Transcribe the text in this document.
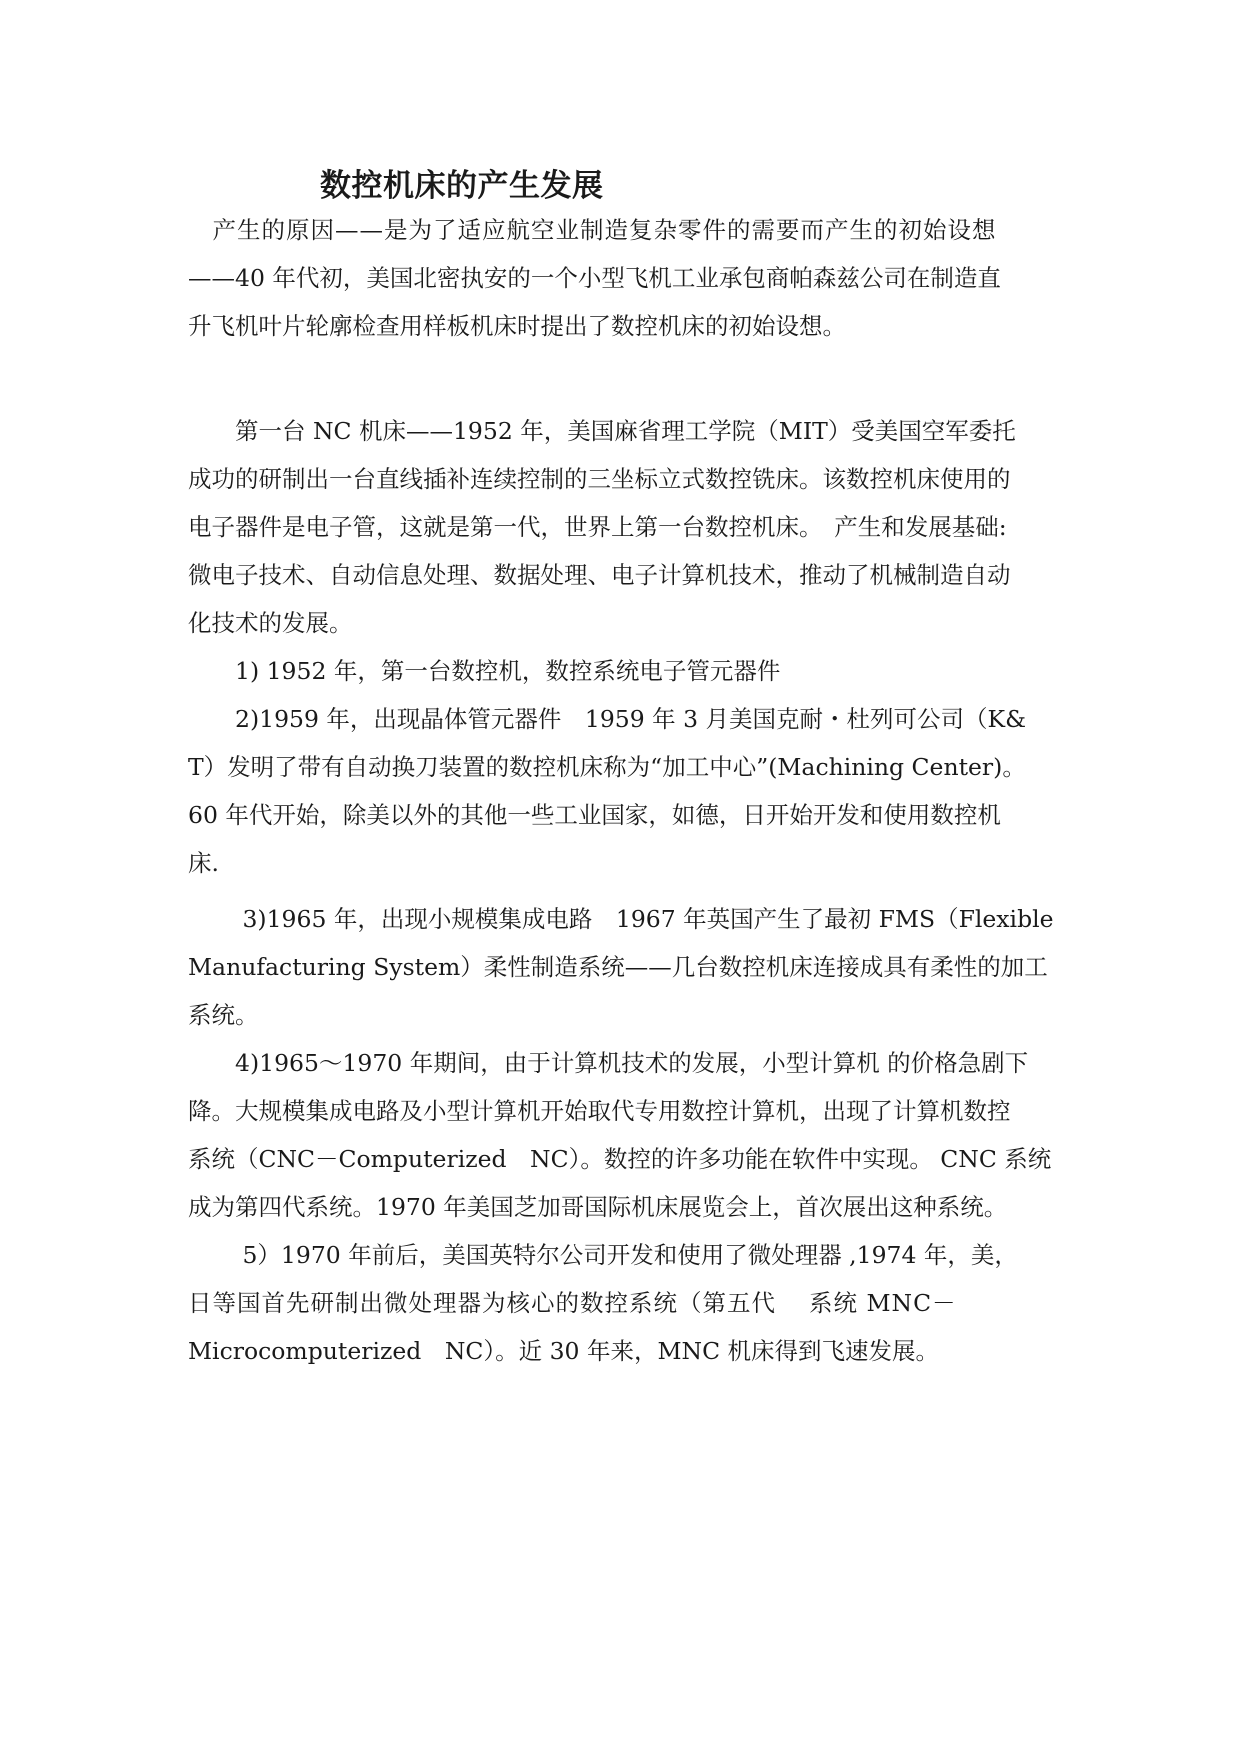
数控机床的产生发展
　产生的原因——是为了适应航空业制造复杂零件的需要而产生的初始设想
——40 年代初，美国北密执安的一个小型飞机工业承包商帕森兹公司在制造直
升飞机叶片轮廓检查用样板机床时提出了数控机床的初始设想。
　　第一台 NC 机床——1952 年，美国麻省理工学院（MIT）受美国空军委托
成功的研制出一台直线插补连续控制的三坐标立式数控铣床。该数控机床使用的
电子器件是电子管，这就是第一代，世界上第一台数控机床。　产生和发展基础:
微电子技术、自动信息处理、数据处理、电子计算机技术，推动了机械制造自动
化技术的发展。
　　1) 1952 年，第一台数控机，数控系统电子管元器件
　　2)1959 年，出现晶体管元器件　1959 年 3 月美国克耐・杜列可公司（K&
T）发明了带有自动换刀装置的数控机床称为“加工中心”(Machining Center)。
60 年代开始，除美以外的其他一些工业国家，如德，日开始开发和使用数控机
床.
　　 3)1965 年，出现小规模集成电路　1967 年英国产生了最初 FMS（Flexible
Manufacturing System）柔性制造系统——几台数控机床连接成具有柔性的加工
系统。
　　4)1965～1970 年期间，由于计算机技术的发展，小型计算机 的价格急剧下
降。大规模集成电路及小型计算机开始取代专用数控计算机，出现了计算机数控
系统（CNC－Computerized　NC）。数控的许多功能在软件中实现。 CNC 系统
成为第四代系统。1970 年美国芝加哥国际机床展览会上，首次展出这种系统。
　　 5）1970 年前后，美国英特尔公司开发和使用了微处理器 ,1974 年，美，
日等国首先研制出微处理器为核心的数控系统（第五代　 系统 MNC－
Microcomputerized　NC）。近 30 年来，MNC 机床得到飞速发展。
